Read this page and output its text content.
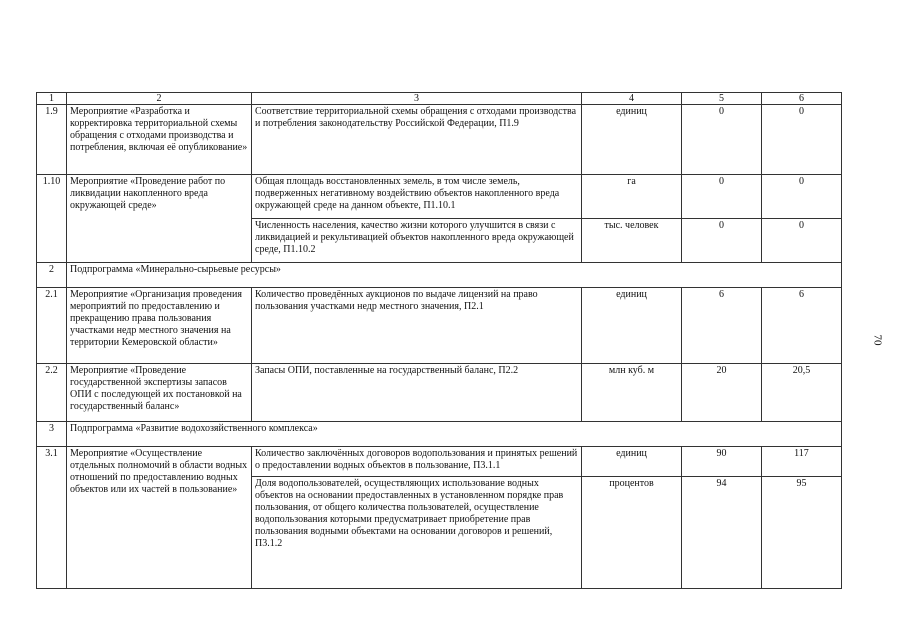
1	2	3	4	5	6
1.9	Мероприятие «Разработка и корректировка территориальной схемы обращения с отходами производства и потребления, включая её опубликование»	Соответствие территориальной схемы обращения с отходами производства и потребления законодательству Российской Федерации, П1.9	единиц	0	0
1.10	Мероприятие «Проведение работ по ликвидации накопленного вреда окружающей среде»	Общая площадь восстановленных земель, в том числе земель, подверженных негативному воздействию объектов накопленного вреда окружающей среде на данном объекте, П1.10.1	га	0	0
		Численность населения, качество жизни которого улучшится в связи с ликвидацией и рекультивацией объектов накопленного вреда окружающей среде, П1.10.2	тыс. человек	0	0
2	Подпрограмма «Минерально-сырьевые ресурсы»				
2.1	Мероприятие «Организация проведения мероприятий по предоставлению и прекращению права пользования участками недр местного значения на территории Кемеровской области»	Количество проведённых аукционов по выдаче лицензий на право пользования участками недр местного значения, П2.1	единиц	6	6
2.2	Мероприятие «Проведение государственной экспертизы запасов ОПИ с последующей их постановкой на государственный баланс»	Запасы ОПИ, поставленные на государственный баланс, П2.2	млн куб. м	20	20,5
3	Подпрограмма «Развитие водохозяйственного комплекса»				
3.1	Мероприятие «Осуществление отдельных полномочий в области водных отношений по предоставлению водных объектов или их частей в пользование»	Количество заключённых договоров водопользования и принятых решений о предоставлении водных объектов в пользование, П3.1.1	единиц	90	117
		Доля водопользователей, осуществляющих использование водных объектов на основании предоставленных в установленном порядке прав пользования, от общего количества пользователей, осуществление водопользования которыми предусматривает приобретение прав пользования водными объектами на основании договоров и решений, П3.1.2	процентов	94	95
70
